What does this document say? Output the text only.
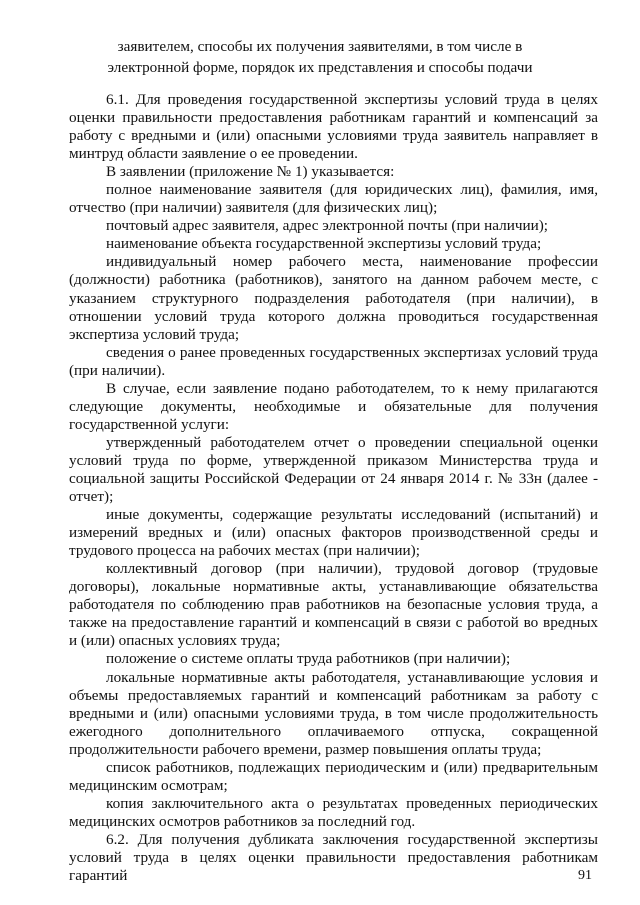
заявителем, способы их получения заявителями, в том числе в
электронной форме, порядок их представления и способы подачи

6.1. Для проведения государственной экспертизы условий труда в целях оценки правильности предоставления работникам гарантий и компенсаций за работу с вредными и (или) опасными условиями труда заявитель направляет в минтруд области заявление о ее проведении.

В заявлении (приложение № 1) указывается:

полное наименование заявителя (для юридических лиц), фамилия, имя, отчество (при наличии) заявителя (для физических лиц);

почтовый адрес заявителя, адрес электронной почты (при наличии);

наименование объекта государственной экспертизы условий труда;

индивидуальный номер рабочего места, наименование профессии (должности) работника (работников), занятого на данном рабочем месте, с указанием структурного подразделения работодателя (при наличии), в отношении условий труда которого должна проводиться государственная экспертиза условий труда;

сведения о ранее проведенных государственных экспертизах условий труда (при наличии).

В случае, если заявление подано работодателем, то к нему прилагаются следующие документы, необходимые и обязательные для получения государственной услуги:

утвержденный работодателем отчет о проведении специальной оценки условий труда по форме, утвержденной приказом Министерства труда и социальной защиты Российской Федерации от 24 января 2014 г. № 33н (далее - отчет);

иные документы, содержащие результаты исследований (испытаний) и измерений вредных и (или) опасных факторов производственной среды и трудового процесса на рабочих местах (при наличии);

коллективный договор (при наличии), трудовой договор (трудовые договоры), локальные нормативные акты, устанавливающие обязательства работодателя по соблюдению прав работников на безопасные условия труда, а также на предоставление гарантий и компенсаций в связи с работой во вредных и (или) опасных условиях труда;

положение о системе оплаты труда работников (при наличии);

локальные нормативные акты работодателя, устанавливающие условия и объемы предоставляемых гарантий и компенсаций работникам за работу с вредными и (или) опасными условиями труда, в том числе продолжительность ежегодного дополнительного оплачиваемого отпуска, сокращенной продолжительности рабочего времени, размер повышения оплаты труда;

список работников, подлежащих периодическим и (или) предварительным медицинским осмотрам;

копия заключительного акта о результатах проведенных периодических медицинских осмотров работников за последний год.

6.2. Для получения дубликата заключения государственной экспертизы условий труда в целях оценки правильности предоставления работникам гарантий	91
